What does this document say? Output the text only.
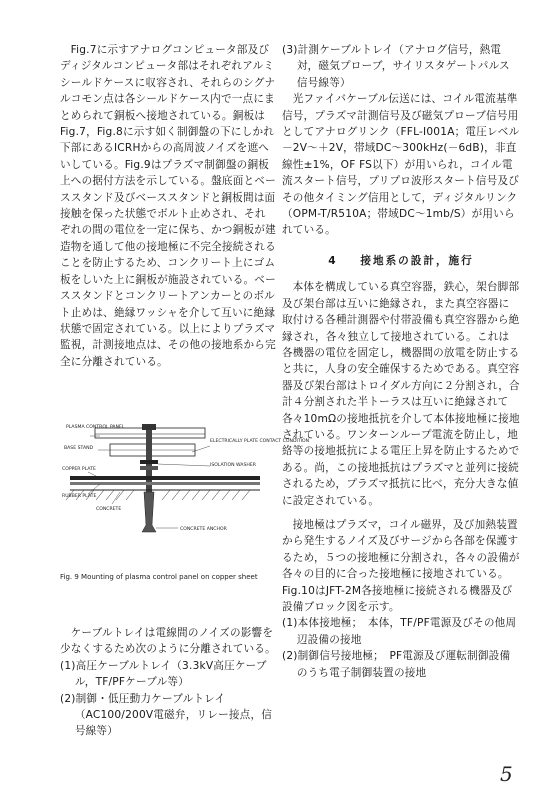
Fig.7に示すアナログコンピュータ部及びディジタルコンピュータ部はそれぞれアルミシールドケースに収容され、それらのシグナルコモン点は各シールドケース内で一点にまとめられて銅板へ接地されている。銅板はFig.7，Fig.8に示す如く制御盤の下にしかれ下部にあるICRHからの高周波ノイズを遮へいしている。Fig.9はプラズマ制御盤の銅板上への据付方法を示している。盤底面とベーススタンド及びベーススタンドと銅板間は面接触を保った状態でボルト止めされ、それぞれの間の電位を一定に保ち、かつ銅板が建造物を通して他の接地極に不完全接続されることを防止するため、コンクリート上にゴム板をしいた上に銅板が施設されている。ベーススタンドとコンクリートアンカーとのボルト止めは、絶縁ワッシャを介して互いに絶縁状態で固定されている。以上によりプラズマ監視，計測接地点は、その他の接地系から完全に分離されている。

PLASMA CONTROL PANEL
BASE STAND
ELECTRICALLY PLATE CONTACT CONDITION
ISOLATION WASHER
COPPER PLATE
RUBBER PLATE
CONCRETE
CONCRETE ANCHOR
Fig. 9 Mounting of plasma control panel on copper sheet

ケーブルトレイは電線間のノイズの影響を少なくするため次のように分離されている。

(1)高圧ケーブルトレイ（3.3kV高圧ケーブル，TF/PFケーブル等）

(2)制御・低圧動力ケーブルトレイ（AC100/200V電磁弁，リレー接点，信号線等）

(3)計測ケーブルトレイ（アナログ信号，熱電対，磁気プローブ，サイリスタゲートパルス信号線等）

光ファイバケーブル伝送には、コイル電流基準信号，プラズマ計測信号及び磁気プローブ信号用としてアナログリンク（FFL-I001A；電圧レベル－2V～＋2V，帯域DC～300kHz(－6dB)，非直線性±1%，OF FS以下）が用いられ，コイル電流スタート信号，プリプロ波形スタート信号及びその他タイミング信用として，ディジタルリンク（OPM-T/R510A；帯域DC～1mb/S）が用いられている。

4 接地系の設計，施行

本体を構成している真空容器，鉄心，架台脚部及び架台部は互いに絶縁され，また真空容器に取付ける各種計測器や付帯設備も真空容器から絶縁され，各々独立して接地されている。これは各機器の電位を固定し，機器間の放電を防止すると共に，人身の安全確保するためである。真空容器及び架台部はトロイダル方向に２分割され，合計４分割された半トーラスは互いに絶縁されて各々10mΩの接地抵抗を介して本体接地極に接地されている。ワンターンループ電流を防止し，地絡等の接地抵抗による電圧上昇を防止するためである。尚，この接地抵抗はプラズマと並列に接続されるため，プラズマ抵抗に比べ，充分大きな値に設定されている。

接地極はプラズマ，コイル磁界，及び加熱装置から発生するノイズ及びサージから各部を保護するため，５つの接地極に分割され，各々の設備が各々の目的に合った接地極に接地されている。Fig.10はJFT-2M各接地極に接続される機器及び設備ブロック図を示す。

(1)本体接地極；　本体，TF/PF電源及びその他周辺設備の接地

(2)制御信号接地極；　PF電源及び運転制御設備のうち電子制御装置の接地

5
